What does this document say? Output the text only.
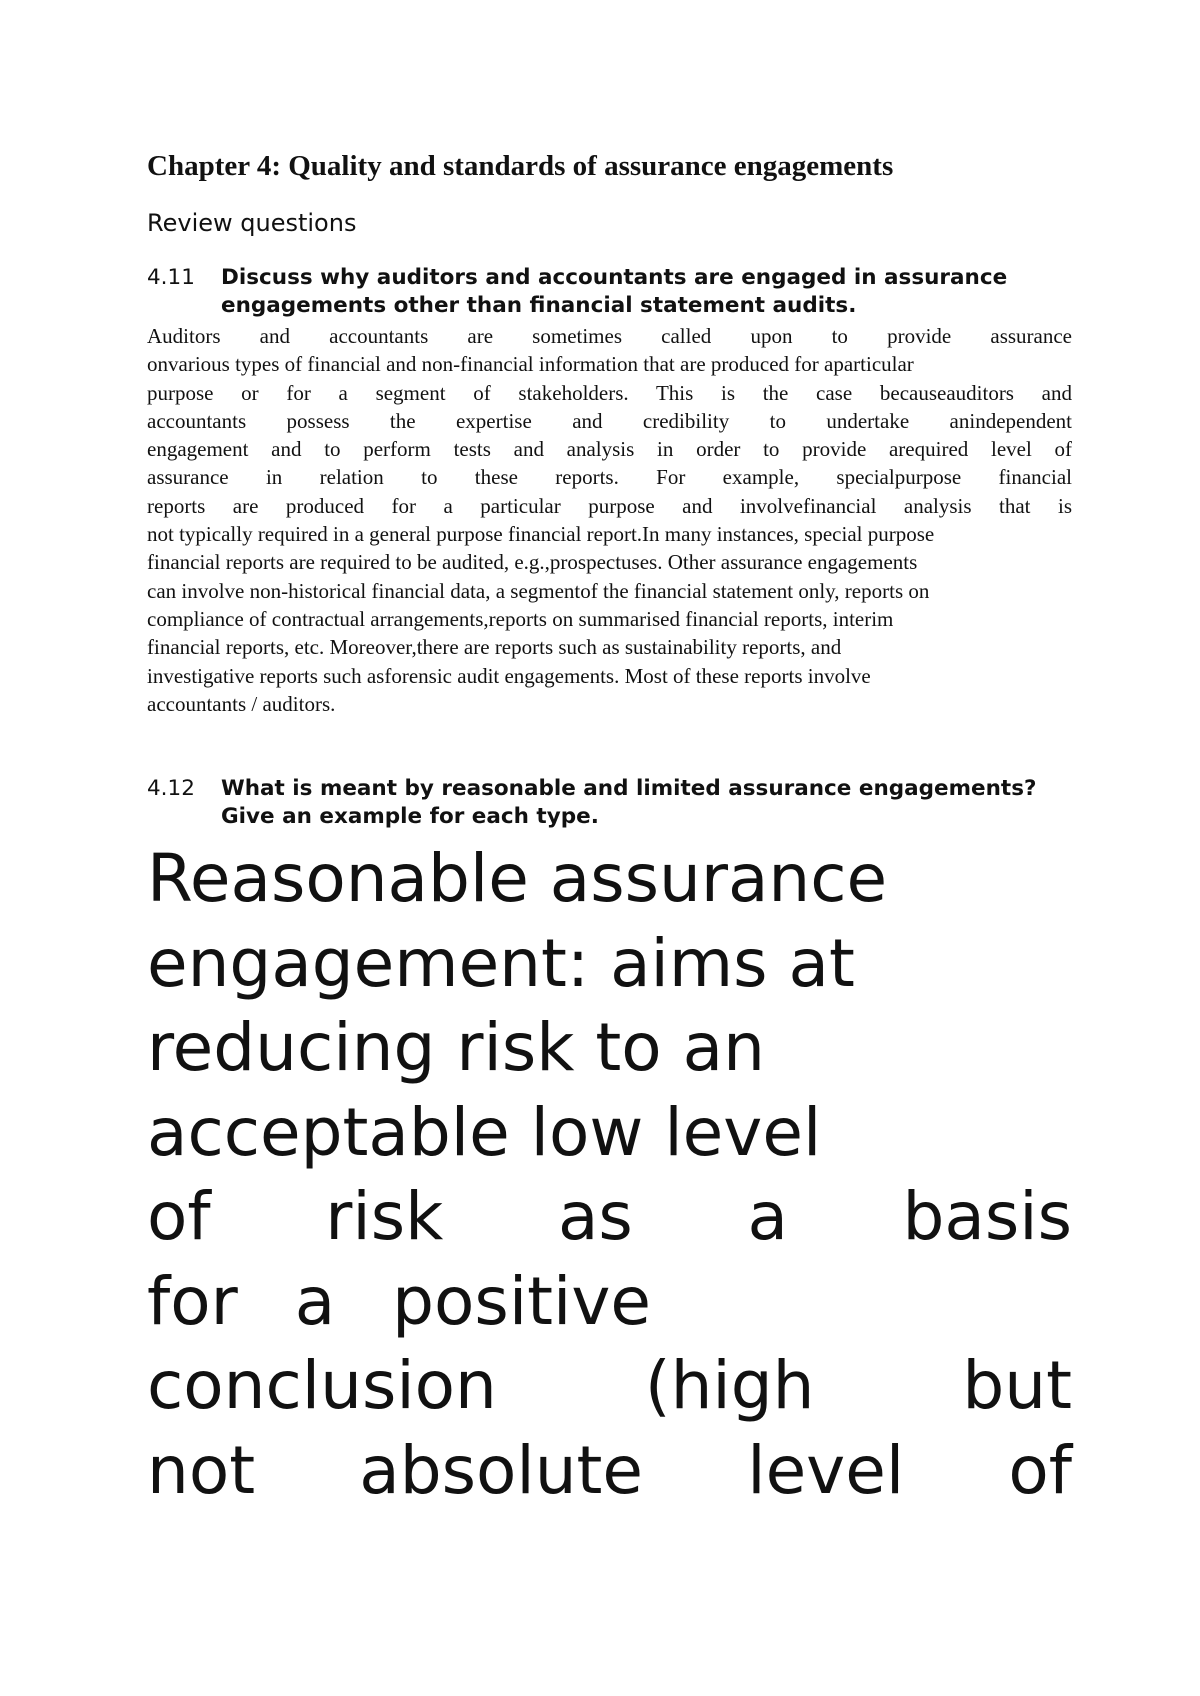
Chapter 4: Quality and standards of assurance engagements
Review questions
4.11	Discuss why auditors and accountants are engaged in assurance
engagements other than financial statement audits.
Auditors and accountants are sometimes called upon to provide assurance
onvarious types of financial and non-financial information that are produced for aparticular
purpose or for a segment of stakeholders. This is the case becauseauditors and
accountants possess the expertise and credibility to undertake anindependent
engagement and to perform tests and analysis in order to provide arequired level of
assurance in relation to these reports. For example, specialpurpose financial
reports are produced for a particular purpose and involvefinancial analysis that is
not typically required in a general purpose financial report.In many instances, special purpose
financial reports are required to be audited, e.g.,prospectuses. Other assurance engagements
can involve non-historical financial data, a segmentof the financial statement only, reports on
compliance of contractual arrangements,reports on summarised financial reports, interim
financial reports, etc. Moreover,there are reports such as sustainability reports, and
investigative reports such asforensic audit engagements. Most of these reports involve
accountants / auditors.
4.12	What is meant by reasonable and limited assurance engagements?
Give an example for each type.
Reasonable assurance
engagement: aims at
reducing risk to an
acceptable low level
of risk as a basis
for a positive
conclusion (high but
not absolute level of
